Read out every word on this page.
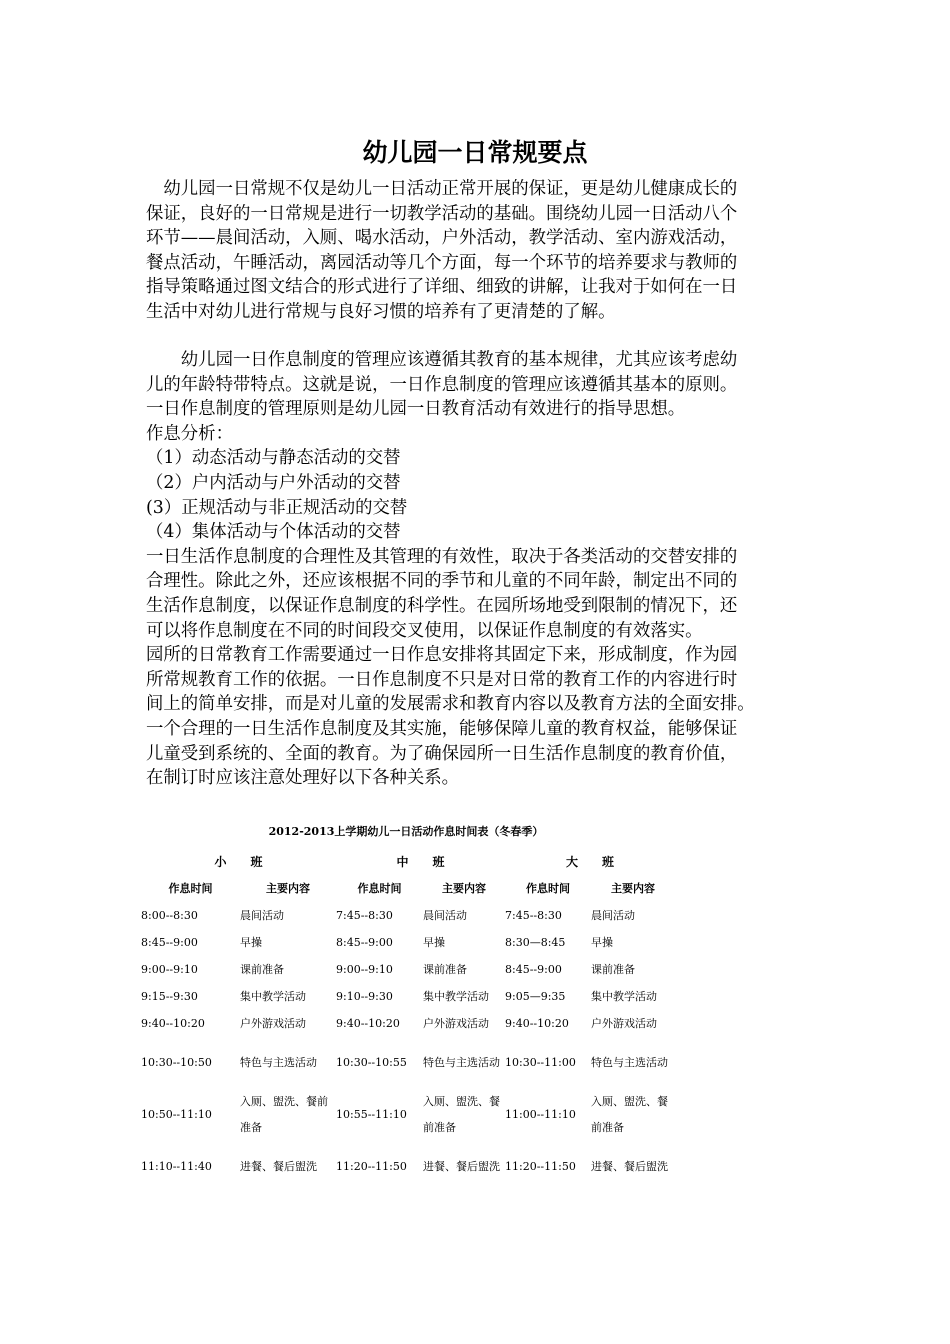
幼儿园一日常规要点

　幼儿园一日常规不仅是幼儿一日活动正常开展的保证，更是幼儿健康成长的
保证，良好的一日常规是进行一切教学活动的基础。围绕幼儿园一日活动八个
环节——晨间活动，入厕、喝水活动，户外活动，教学活动、室内游戏活动，
餐点活动，午睡活动，离园活动等几个方面，每一个环节的培养要求与教师的
指导策略通过图文结合的形式进行了详细、细致的讲解，让我对于如何在一日
生活中对幼儿进行常规与良好习惯的培养有了更清楚的了解。

　　幼儿园一日作息制度的管理应该遵循其教育的基本规律，尤其应该考虑幼
儿的年龄特带特点。这就是说，一日作息制度的管理应该遵循其基本的原则。
一日作息制度的管理原则是幼儿园一日教育活动有效进行的指导思想。
作息分析：
（1）动态活动与静态活动的交替
（2）户内活动与户外活动的交替
(3）正规活动与非正规活动的交替
（4）集体活动与个体活动的交替
一日生活作息制度的合理性及其管理的有效性，取决于各类活动的交替安排的
合理性。除此之外，还应该根据不同的季节和儿童的不同年龄，制定出不同的
生活作息制度，以保证作息制度的科学性。在园所场地受到限制的情况下，还
可以将作息制度在不同的时间段交叉使用，以保证作息制度的有效落实。
园所的日常教育工作需要通过一日作息安排将其固定下来，形成制度，作为园
所常规教育工作的依据。一日作息制度不只是对日常的教育工作的内容进行时
间上的简单安排，而是对儿童的发展需求和教育内容以及教育方法的全面安排。
一个合理的一日生活作息制度及其实施，能够保障儿童的教育权益，能够保证
儿童受到系统的、全面的教育。为了确保园所一日生活作息制度的教育价值，
在制订时应该注意处理好以下各种关系。

2012-2013上学期幼儿一日活动作息时间表（冬春季）

小　　班		中　　班		大　　班	
作息时间	主要内容	作息时间	主要内容	作息时间	主要内容
8:00--8:30	晨间活动	7:45--8:30	晨间活动	7:45--8:30	晨间活动
8:45--9:00	早操	8:45--9:00	早操	8:30—8:45	早操
9:00--9:10	课前准备	9:00--9:10	课前准备	8:45--9:00	课前准备
9:15--9:30	集中教学活动	9:10--9:30	集中教学活动	9:05—9:35	集中教学活动
9:40--10:20	户外游戏活动	9:40--10:20	户外游戏活动	9:40--10:20	户外游戏活动
10:30--10:50	特色与主选活动	10:30--10:55	特色与主选活动	10:30--11:00	特色与主选活动
10:50--11:10	入厕、盥洗、餐前准备	10:55--11:10	入厕、盥洗、餐前准备	11:00--11:10	入厕、盥洗、餐前准备
11:10--11:40	进餐、餐后盥洗	11:20--11:50	进餐、餐后盥洗	11:20--11:50	进餐、餐后盥洗
